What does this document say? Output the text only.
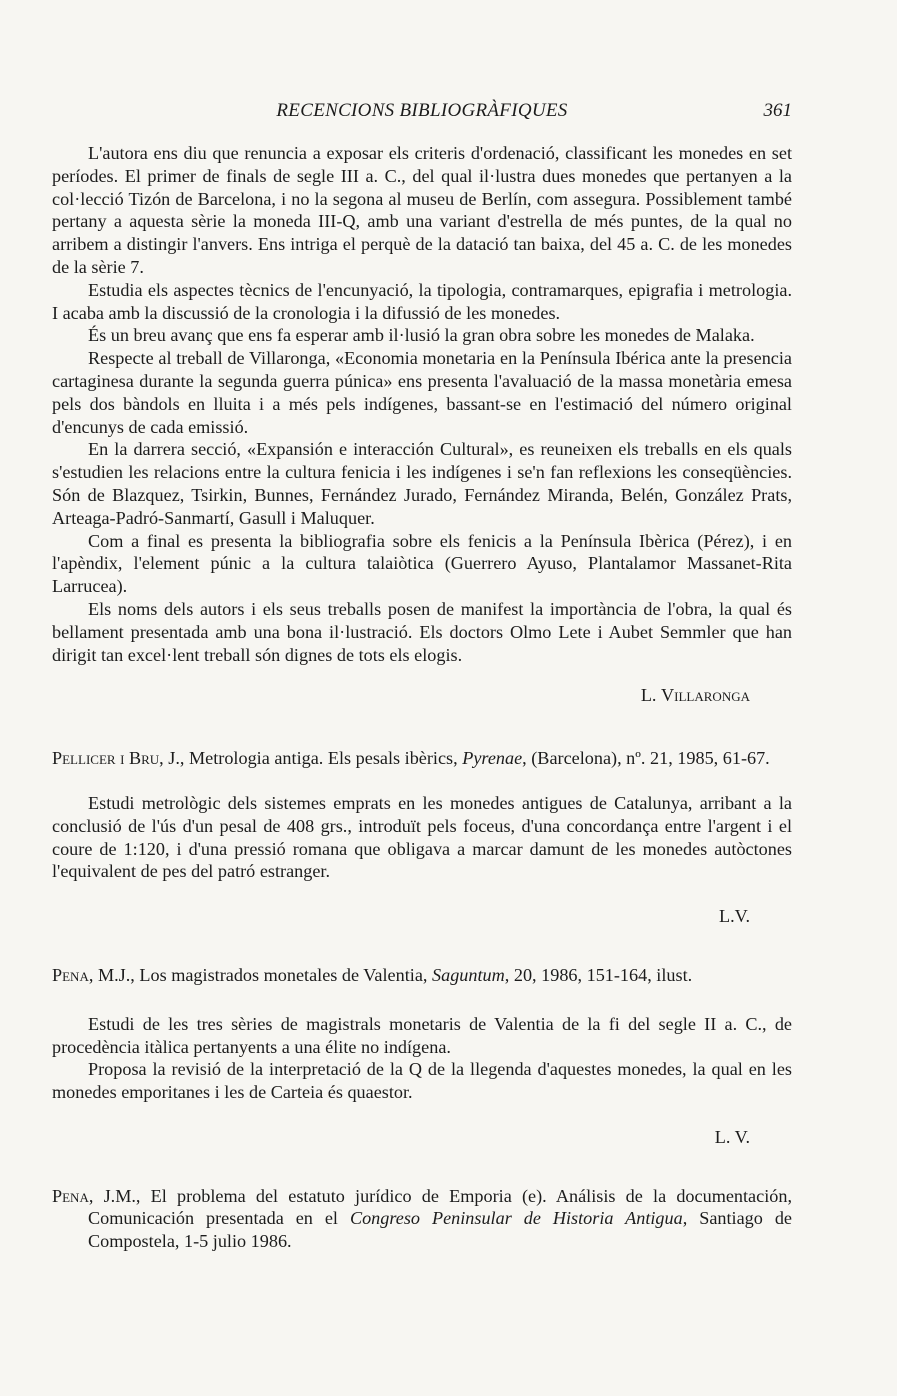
RECENCIONS BIBLIOGRÀFIQUES	361

L'autora ens diu que renuncia a exposar els criteris d'ordenació, classificant les monedes en set períodes. El primer de finals de segle III a. C., del qual il·lustra dues monedes que pertanyen a la col·lecció Tizón de Barcelona, i no la segona al museu de Berlín, com assegura. Possiblement també pertany a aquesta sèrie la moneda III-Q, amb una variant d'estrella de més puntes, de la qual no arribem a distingir l'anvers. Ens intriga el perquè de la datació tan baixa, del 45 a. C. de les monedes de la sèrie 7.

Estudia els aspectes tècnics de l'encunyació, la tipologia, contramarques, epigrafia i metrologia. I acaba amb la discussió de la cronologia i la difussió de les monedes.

És un breu avanç que ens fa esperar amb il·lusió la gran obra sobre les monedes de Malaka.

Respecte al treball de Villaronga, «Economia monetaria en la Península Ibérica ante la presencia cartaginesa durante la segunda guerra púnica» ens presenta l'avaluació de la massa monetària emesa pels dos bàndols en lluita i a més pels indígenes, bassant-se en l'estimació del número original d'encunys de cada emissió.

En la darrera secció, «Expansión e interacción Cultural», es reuneixen els treballs en els quals s'estudien les relacions entre la cultura fenicia i les indígenes i se'n fan reflexions les conseqüències. Són de Blazquez, Tsirkin, Bunnes, Fernández Jurado, Fernández Miranda, Belén, González Prats, Arteaga-Padró-Sanmartí, Gasull i Maluquer.

Com a final es presenta la bibliografia sobre els fenicis a la Península Ibèrica (Pérez), i en l'apèndix, l'element púnic a la cultura talaiòtica (Guerrero Ayuso, Plantalamor Massanet-Rita Larrucea).

Els noms dels autors i els seus treballs posen de manifest la importància de l'obra, la qual és bellament presentada amb una bona il·lustració. Els doctors Olmo Lete i Aubet Semmler que han dirigit tan excel·lent treball són dignes de tots els elogis.

L. Villaronga
Pellicer i Bru, J., Metrologia antiga. Els pesals ibèrics, Pyrenae, (Barcelona), nº. 21, 1985, 61-67.

Estudi metrològic dels sistemes emprats en les monedes antigues de Catalunya, arribant a la conclusió de l'ús d'un pesal de 408 grs., introduït pels foceus, d'una concordança entre l'argent i el coure de 1:120, i d'una pressió romana que obligava a marcar damunt de les monedes autòctones l'equivalent de pes del patró estranger.

L.V.
Pena, M.J., Los magistrados monetales de Valentia, Saguntum, 20, 1986, 151-164, ilust.

Estudi de les tres sèries de magistrals monetaris de Valentia de la fi del segle II a. C., de procedència itàlica pertanyents a una élite no indígena.

Proposa la revisió de la interpretació de la Q de la llegenda d'aquestes monedes, la qual en les monedes emporitanes i les de Carteia és quaestor.

L. V.
Pena, J.M., El problema del estatuto jurídico de Emporia (e). Análisis de la documentación, Comunicación presentada en el Congreso Peninsular de Historia Antigua, Santiago de Compostela, 1-5 julio 1986.
